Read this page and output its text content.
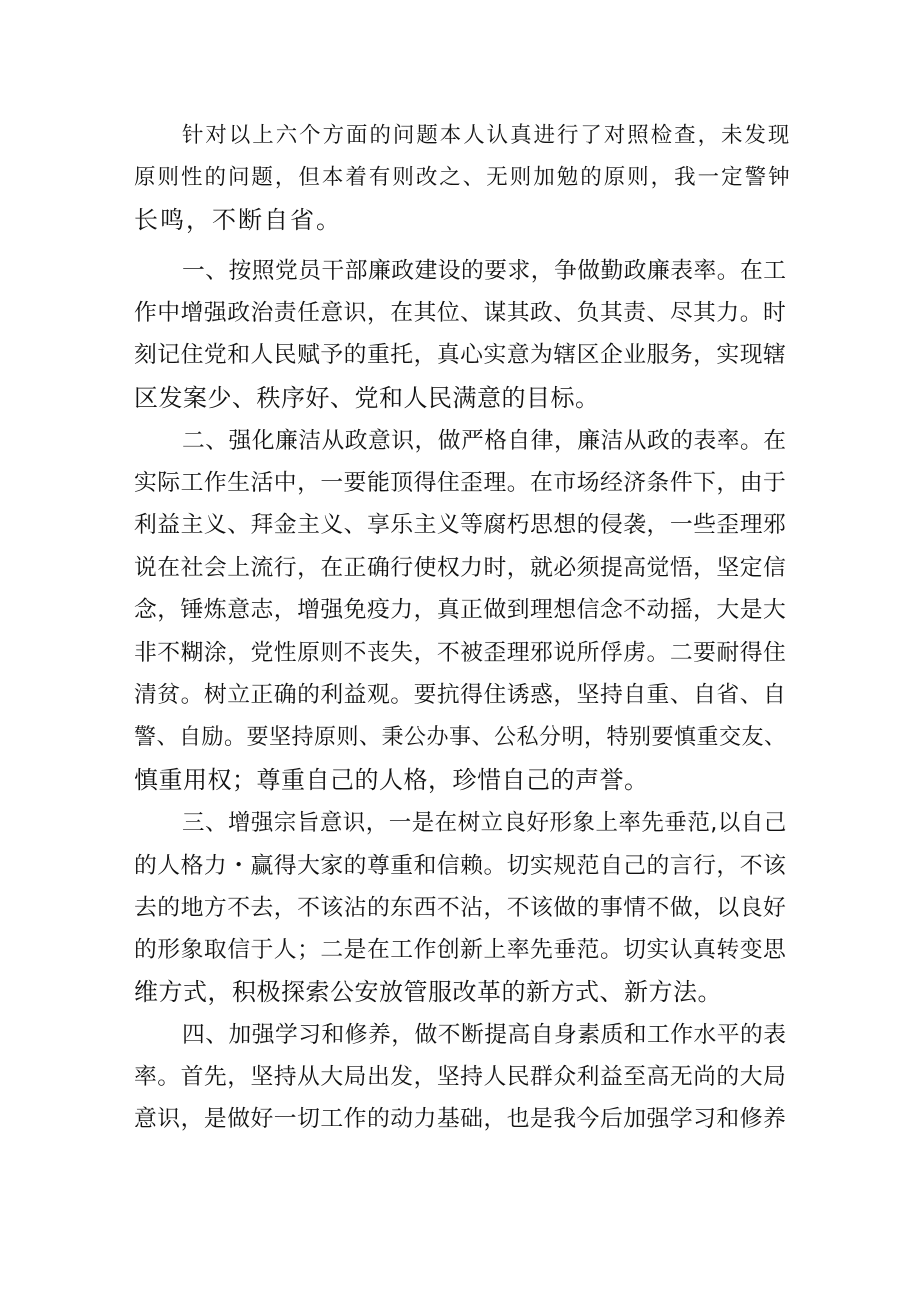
针对以上六个方面的问题本人认真进行了对照检查，未发现
原则性的问题，但本着有则改之、无则加勉的原则，我一定警钟
长鸣，不断自省。
一、按照党员干部廉政建设的要求，争做勤政廉表率。在工
作中增强政治责任意识，在其位、谋其政、负其责、尽其力。时
刻记住党和人民赋予的重托，真心实意为辖区企业服务，实现辖
区发案少、秩序好、党和人民满意的目标。
二、强化廉洁从政意识，做严格自律，廉洁从政的表率。在
实际工作生活中，一要能顶得住歪理。在市场经济条件下，由于
利益主义、拜金主义、享乐主义等腐朽思想的侵袭，一些歪理邪
说在社会上流行，在正确行使权力时，就必须提高觉悟，坚定信
念，锤炼意志，增强免疫力，真正做到理想信念不动摇，大是大
非不糊涂，党性原则不丧失，不被歪理邪说所俘虏。二要耐得住
清贫。树立正确的利益观。要抗得住诱惑，坚持自重、自省、自
警、自励。要坚持原则、秉公办事、公私分明，特别要慎重交友、
慎重用权；尊重自己的人格，珍惜自己的声誉。
三、增强宗旨意识，一是在树立良好形象上率先垂范,以自己
的人格力・赢得大家的尊重和信赖。切实规范自己的言行，不该
去的地方不去，不该沾的东西不沾，不该做的事情不做，以良好
的形象取信于人；二是在工作创新上率先垂范。切实认真转变思
维方式，积极探索公安放管服改革的新方式、新方法。
四、加强学习和修养，做不断提高自身素质和工作水平的表
率。首先，坚持从大局出发，坚持人民群众利益至高无尚的大局
意识，是做好一切工作的动力基础，也是我今后加强学习和修养
